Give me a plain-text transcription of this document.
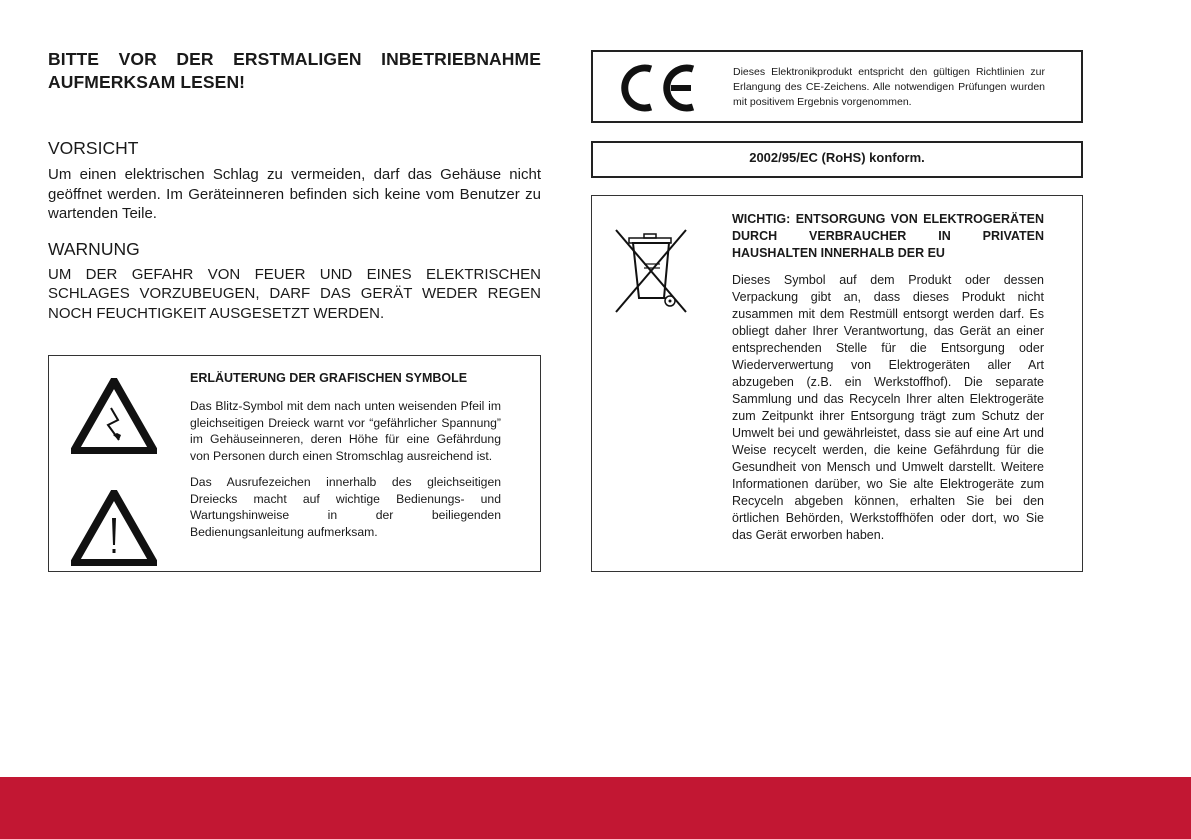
BITTE VOR DER ERSTMALIGEN INBETRIEBNAHME AUFMERKSAM LESEN!
VORSICHT

Um einen elektrischen Schlag zu vermeiden, darf das Gehäuse nicht geöffnet werden. Im Geräteinneren befinden sich keine vom Benutzer zu wartenden Teile.

WARNUNG

UM DER GEFAHR VON FEUER UND EINES ELEKTRISCHEN SCHLAGES VORZUBEUGEN, DARF DAS GERÄT WEDER REGEN NOCH FEUCHTIGKEIT AUSGESETZT WERDEN.

ERLÄUTERUNG DER GRAFISCHEN SYMBOLE

Das Blitz-Symbol mit dem nach unten weisenden Pfeil im gleichseitigen Dreieck warnt vor “gefährlicher Spannung” im Gehäuseinneren, deren Höhe für eine Gefährdung von Personen durch einen Stromschlag ausreichend ist.

Das Ausrufezeichen innerhalb des gleichseitigen Dreiecks macht auf wichtige Bedienungs- und Wartungshinweise in der beiliegenden Bedienungsanleitung aufmerksam.

Dieses Elektronikprodukt entspricht den gültigen Richtlinien zur Erlangung des CE-Zeichens. Alle notwendigen Prüfungen wurden mit positivem Ergebnis vorgenommen.

2002/95/EC (RoHS) konform.

WICHTIG: ENTSORGUNG VON ELEKTROGERÄTEN DURCH VERBRAUCHER IN PRIVATEN HAUSHALTEN INNERHALB DER EU

Dieses Symbol auf dem Produkt oder dessen Verpackung gibt an, dass dieses Produkt nicht zusammen mit dem Restmüll entsorgt werden darf. Es obliegt daher Ihrer Verantwortung, das Gerät an einer entsprechenden Stelle für die Entsorgung oder Wiederverwertung von Elektrogeräten aller Art abzugeben (z.B. ein Werkstoffhof). Die separate Sammlung und das Recyceln Ihrer alten Elektrogeräte zum Zeitpunkt ihrer Entsorgung trägt zum Schutz der Umwelt bei und gewährleistet, dass sie auf eine Art und Weise recycelt werden, die keine Gefährdung für die Gesundheit von Mensch und Umwelt darstellt. Weitere Informationen darüber, wo Sie alte Elektrogeräte zum Recyceln abgeben können, erhalten Sie bei den örtlichen Behörden, Werkstoffhöfen oder dort, wo Sie das Gerät erworben haben.
